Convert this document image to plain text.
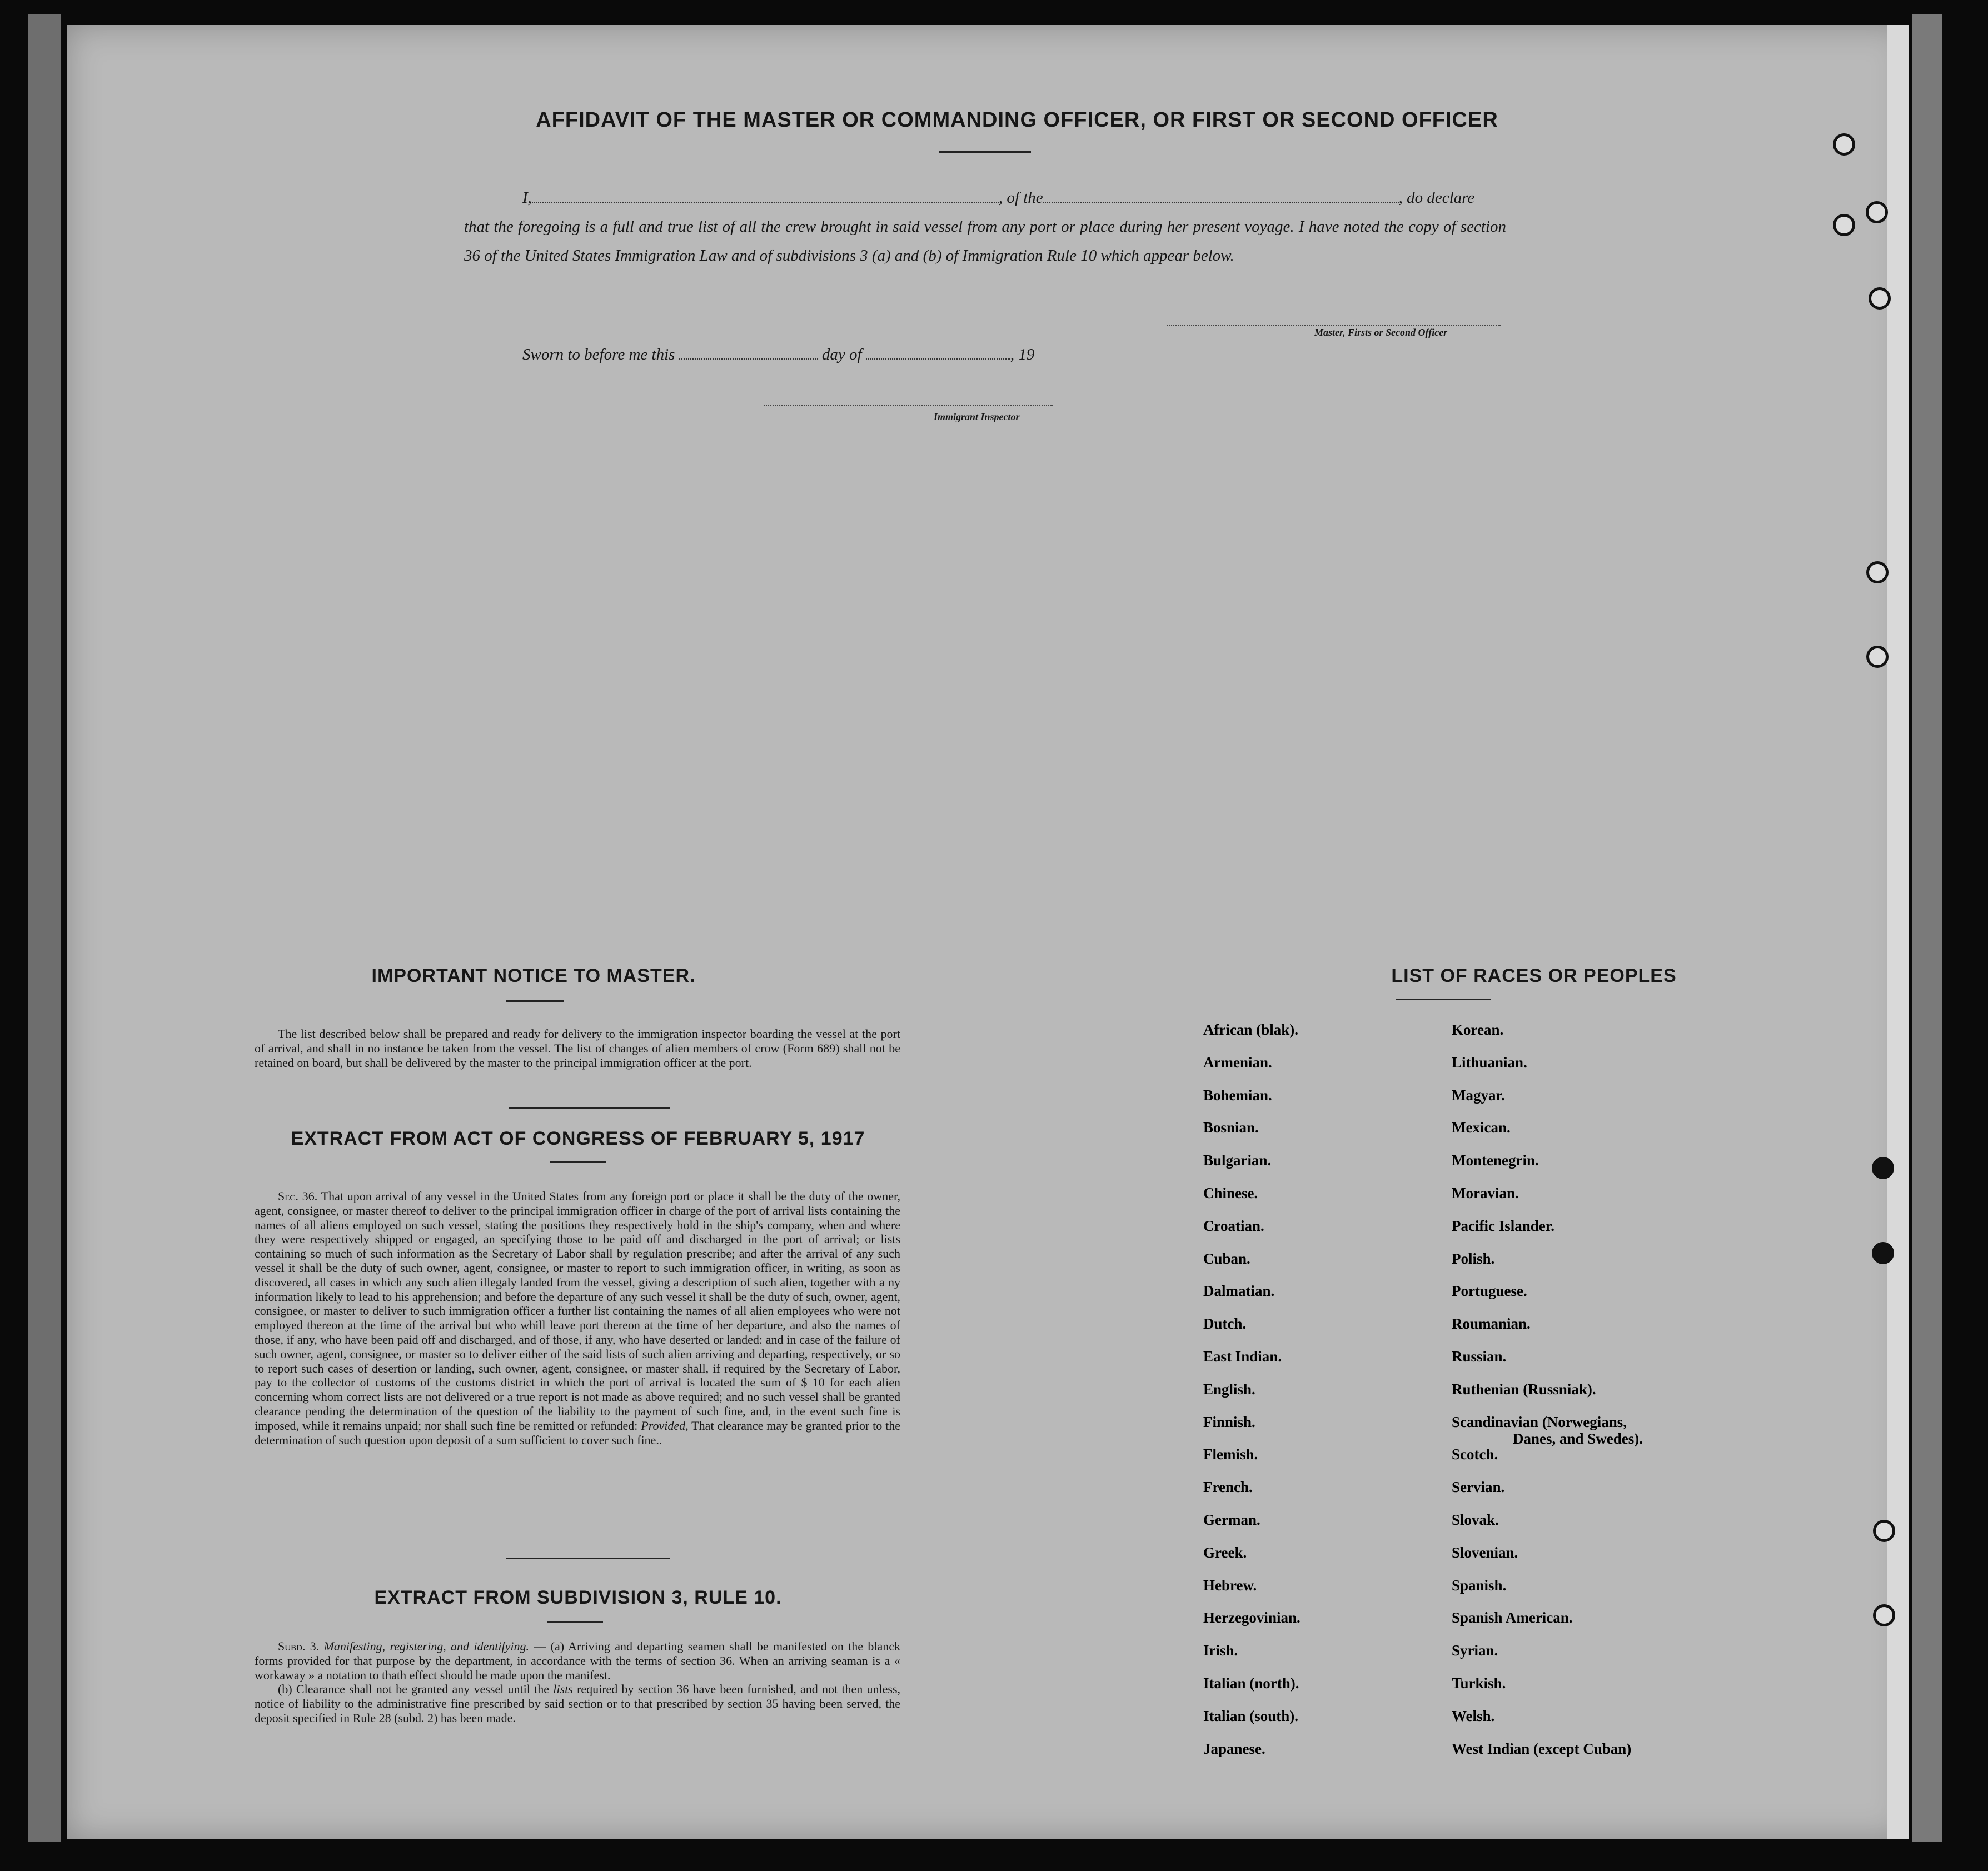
AFFIDAVIT OF THE MASTER OR COMMANDING OFFICER, OR FIRST OR SECOND OFFICER
I,	, of the	, do declare
that the foregoing is a full and true list of all the crew brought in said vessel from any port or place during her present voyage. I have noted the copy of section 36 of the United States Immigration Law and of subdivisions 3 (a) and (b) of Immigration Rule 10 which appear below.
Master, Firsts or Second Officer
Sworn to before me this	day of	, 19
Immigrant Inspector
IMPORTANT NOTICE TO MASTER.
The list described below shall be prepared and ready for delivery to the immigration inspector boarding the vessel at the port of arrival, and shall in no instance be taken from the vessel. The list of changes of alien members of crow (Form 689) shall not be retained on board, but shall be delivered by the master to the principal immigration officer at the port.
EXTRACT FROM ACT OF CONGRESS OF FEBRUARY 5, 1917
Sec. 36. That upon arrival of any vessel in the United States from any foreign port or place it shall be the duty of the owner, agent, consignee, or master thereof to deliver to the principal immigration officer in charge of the port of arrival lists containing the names of all aliens employed on such vessel, stating the positions they respectively hold in the ship's company, when and where they were respectively shipped or engaged, an specifying those to be paid off and discharged in the port of arrival; or lists containing so much of such information as the Secretary of Labor shall by regulation prescribe; and after the arrival of any such vessel it shall be the duty of such owner, agent, consignee, or master to report to such immigration officer, in writing, as soon as discovered, all cases in which any such alien illegaly landed from the vessel, giving a description of such alien, together with a ny information likely to lead to his apprehension; and before the departure of any such vessel it shall be the duty of such, owner, agent, consignee, or master to deliver to such immigration officer a further list containing the names of all alien employees who were not employed thereon at the time of the arrival but who whill leave port thereon at the time of her departure, and also the names of those, if any, who have been paid off and discharged, and of those, if any, who have deserted or landed: and in case of the failure of such owner, agent, consignee, or master so to deliver either of the said lists of such alien arriving and departing, respectively, or so to report such cases of desertion or landing, such owner, agent, consignee, or master shall, if required by the Secretary of Labor, pay to the collector of customs of the customs district in which the port of arrival is located the sum of $ 10 for each alien concerning whom correct lists are not delivered or a true report is not made as above required; and no such vessel shall be granted clearance pending the determination of the question of the liability to the payment of such fine, and, in the event such fine is imposed, while it remains unpaid; nor shall such fine be remitted or refunded: Provided, That clearance may be granted prior to the determination of such question upon deposit of a sum sufficient to cover such fine..
EXTRACT FROM SUBDIVISION 3, RULE 10.
Subd. 3. Manifesting, registering, and identifying. — (a) Arriving and departing seamen shall be manifested on the blanck forms provided for that purpose by the department, in accordance with the terms of section 36. When an arriving seaman is a « workaway » a notation to thath effect should be made upon the manifest.
(b) Clearance shall not be granted any vessel until the lists required by section 36 have been furnished, and not then unless, notice of liability to the administrative fine prescribed by said section or to that prescribed by section 35 having been served, the deposit specified in Rule 28 (subd. 2) has been made.
LIST OF RACES OR PEOPLES
African (blak).
Armenian.
Bohemian.
Bosnian.
Bulgarian.
Chinese.
Croatian.
Cuban.
Dalmatian.
Dutch.
East Indian.
English.
Finnish.
Flemish.
French.
German.
Greek.
Hebrew.
Herzegovinian.
Irish.
Italian (north).
Italian (south).
Japanese.
Korean.
Lithuanian.
Magyar.
Mexican.
Montenegrin.
Moravian.
Pacific Islander.
Polish.
Portuguese.
Roumanian.
Russian.
Ruthenian (Russniak).
Scandinavian (Norwegians,
Danes, and Swedes).
Scotch.
Servian.
Slovak.
Slovenian.
Spanish.
Spanish American.
Syrian.
Turkish.
Welsh.
West Indian (except Cuban)
